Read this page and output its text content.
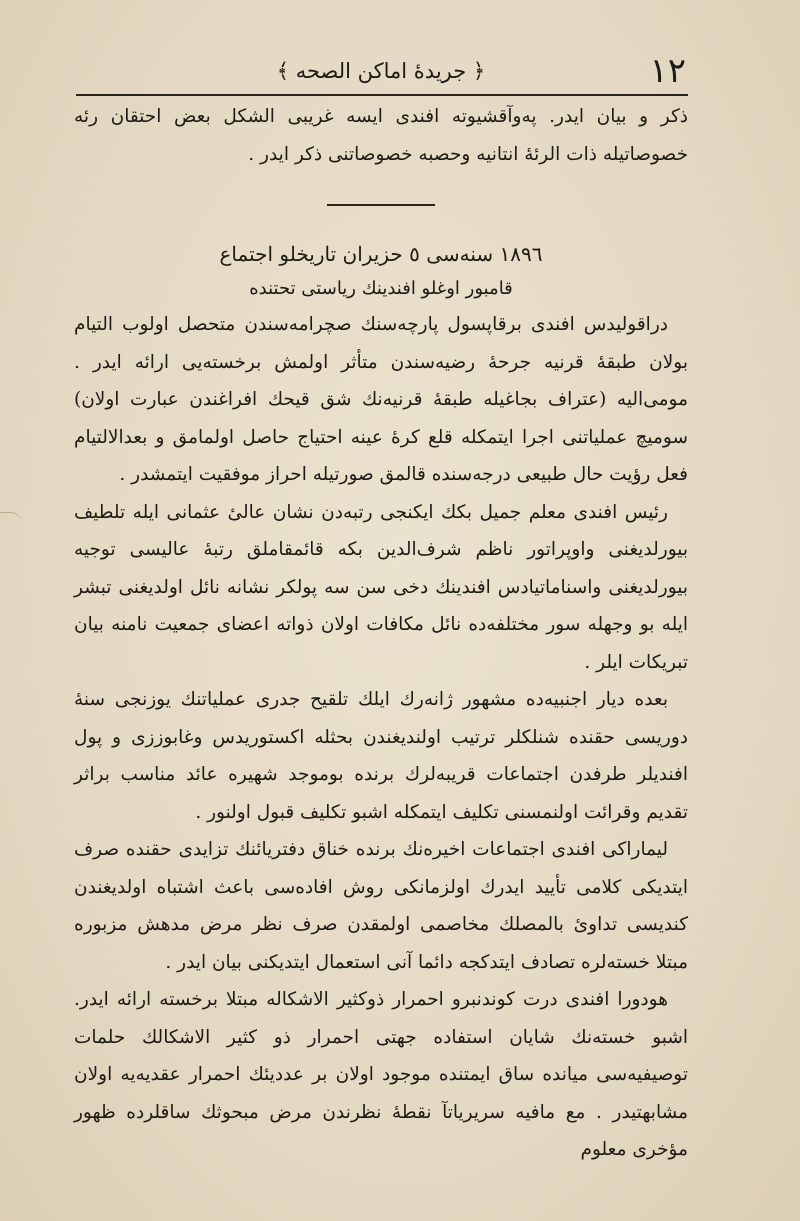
١٢
﴿ جريدهٔ اماكن الصحه ﴾

ذكر و بيان ايدر. په‌وآقشيوته افندى ايسه غريبى الشكل بعض احتقان رئه خصوصاتيله ذات الرئهٔ انتانيه وحصبه خصوصاتنى ذكر ايدر .

١٨٩٦ سنه‌سى ٥ حزيران تاريخلو اجتماع

قامبور اوغلو افندينك رياستى تحتنده

دراقوليدس افندى برقاپسول پارچه‌سنك صچرامه‌سندن متحصل اولوب التيام بولان طبقهٔ قرنيه جرحهٔ رضيه‌سندن متأثر اولمش برخسته‌يى ارائه ايدر . مومى‌اليه (عتراف بجاغيله طبقهٔ قرنيه‌نك شق قيحك افراغندن عبارت اولان) سوميچ عملياتنى اجرا ايتمكله قلع كرهٔ عينه احتياج حاصل اولمامق و بعدالالتيام فعل رؤيت حال طبيعى درجه‌سنده قالمق صورتيله احراز موفقيت ايتمشدر .

رئيس افندى معلم جميل بكك ايكنجى رتبه‌دن نشان عالىٔ عثمانى ايله تلطيف بيورلديغنى واوپراتور ناظم شرف‌الدين بكه قائمقاملق رتبهٔ عاليسى توجيه بيورلديغنى واسناماتيادس افندينك دخى سن سه پولكر نشانه نائل اولديغنى تبشر ايله بو وجهله سور مختلفه‌ده نائل مكافات اولان ذواته اعضاى جمعيت نامنه بيان تبريكات ايلر .

بعده ديار اجنبيه‌ده مشهور ژانه‌رك ايلك تلقيح جدرى عملياتنك يوزنجى سنهٔ دوريسى حقنده شنلكلر ترتيب اولنديغندن بحثله اكستوريدس وغابوززى و پول افنديلر طرفدن اجتماعات قريبه‌لرك برنده بوموجد شهيره عائد مناسب براثر تقديم وقرائت اولنمسنى تكليف ايتمكله اشبو تكليف قبول اولنور .

ليماراكى افندى اجتماعات اخيره‌نك برنده خناق دفتريائنك تزايدى حقنده صرف ايتديكى كلامى تأييد ايدرك اولزمانكى روش افاده‌سى باعث اشتباه اولديغندن كنديسى تداوىٔ بالمصلك مخاصمى اولمقدن صرف نظر مرض مدهش مزبوره مبتلا خسته‌لره تصادف ايتدكجه دائما آنى استعمال ايتديكنى بيان ايدر .

هودورا افندى درت كوندنبرو احمرار ذوكثير الاشكاله مبتلا برخسته ارائه ايدر. اشبو خسته‌نك شايان استفاده جهتى احمرار ذو كثير الاشكالك حلمات توصيفيه‌سى ميانده ساق ايمتنده موجود اولان بر عدديئك احمرار عقديه‌يه اولان مشابهتيدر . مع مافيه سريرياتآ نقطهٔ نظرندن مرض مبحوثك ساقلرده ظهور مؤخرى معلوم
